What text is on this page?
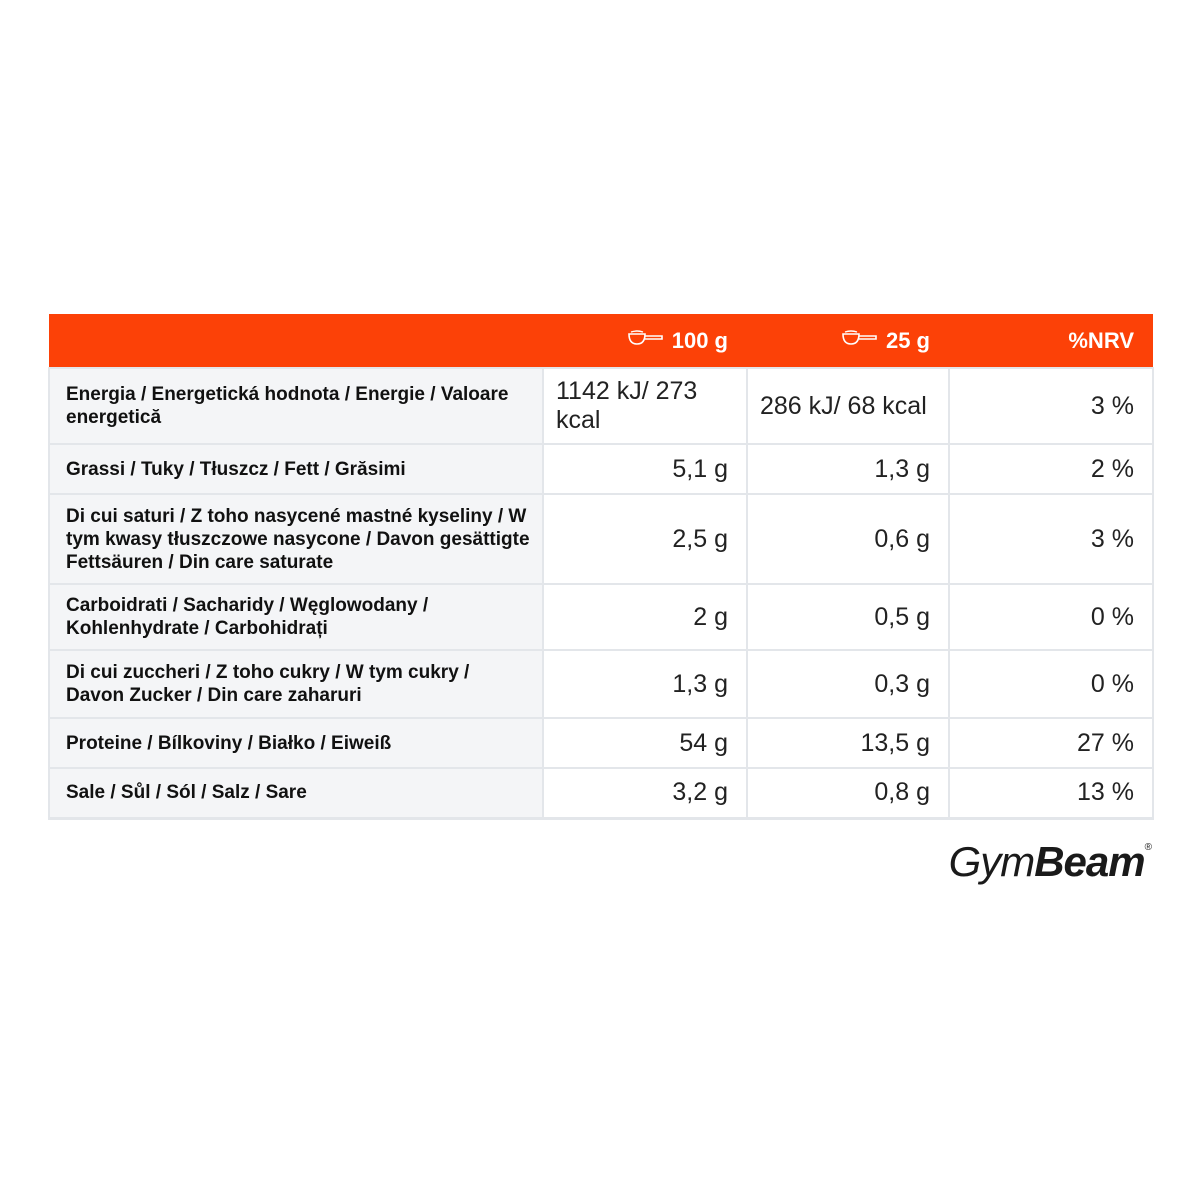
	100 g	25 g	%NRV
Energia / Energetická hodnota / Energie / Valoare energetică	1142 kJ/ 273 kcal	286 kJ/ 68 kcal	3 %
Grassi / Tuky / Tłuszcz / Fett / Grăsimi	5,1 g	1,3 g	2 %
Di cui saturi / Z toho nasycené mastné kyseliny / W tym kwasy tłuszczowe nasycone / Davon gesättigte Fettsäuren / Din care saturate	2,5 g	0,6 g	3 %
Carboidrati / Sacharidy / Węglowodany / Kohlenhydrate / Carbohidrați	2 g	0,5 g	0 %
Di cui zuccheri / Z toho cukry / W tym cukry / Davon Zucker / Din care zaharuri	1,3 g	0,3 g	0 %
Proteine / Bílkoviny / Białko / Eiweiß	54 g	13,5 g	27 %
Sale / Sůl / Sól / Salz / Sare	3,2 g	0,8 g	13 %
GymBeam®
